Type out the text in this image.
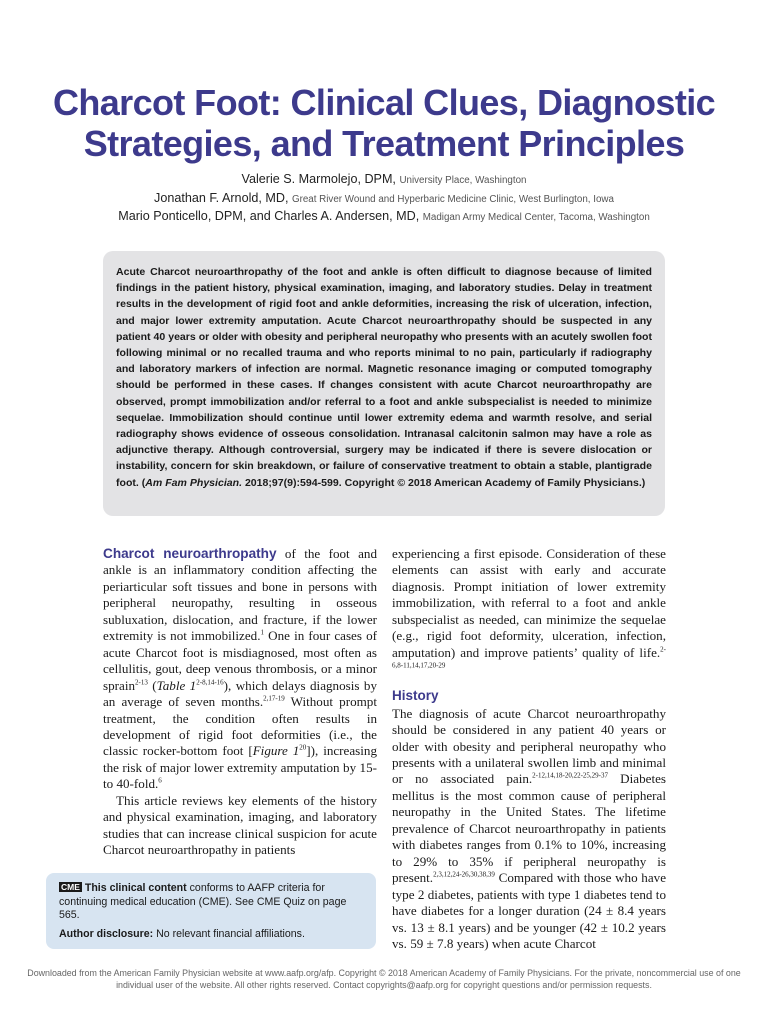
Charcot Foot: Clinical Clues, Diagnostic
Strategies, and Treatment Principles
Valerie S. Marmolejo, DPM, University Place, Washington
Jonathan F. Arnold, MD, Great River Wound and Hyperbaric Medicine Clinic, West Burlington, Iowa
Mario Ponticello, DPM, and Charles A. Andersen, MD, Madigan Army Medical Center, Tacoma, Washington

Acute Charcot neuroarthropathy of the foot and ankle is often difficult to diagnose because of limited findings in the patient history, physical examination, imaging, and laboratory studies. Delay in treatment results in the development of rigid foot and ankle deformities, increasing the risk of ulceration, infection, and major lower extremity amputation. Acute Charcot neuroarthropathy should be suspected in any patient 40 years or older with obesity and peripheral neuropathy who presents with an acutely swollen foot following minimal or no recalled trauma and who reports minimal to no pain, particularly if radiography and laboratory markers of infection are normal. Magnetic resonance imaging or computed tomography should be performed in these cases. If changes consistent with acute Charcot neuroarthropathy are observed, prompt immobilization and/or referral to a foot and ankle subspecialist is needed to minimize sequelae. Immobilization should continue until lower extremity edema and warmth resolve, and serial radiography shows evidence of osseous consolidation. Intranasal calcitonin salmon may have a role as adjunctive therapy. Although controversial, surgery may be indicated if there is severe dislocation or instability, concern for skin breakdown, or failure of conservative treatment to obtain a stable, plantigrade foot. (Am Fam Physician. 2018;97(9):594-599. Copyright © 2018 American Academy of Family Physicians.)

Charcot neuroarthropathy of the foot and ankle is an inflammatory condition affecting the periarticular soft tissues and bone in persons with peripheral neuropathy, resulting in osseous subluxation, dislocation, and fracture, if the lower extremity is not immobilized.$^1$ One in four cases of acute Charcot foot is misdiagnosed, most often as cellulitis, gout, deep venous thrombosis, or a minor sprain$^{2-13}$ (Table 1$^{2-8,14-16}$), which delays diagnosis by an average of seven months.$^{2,17-19}$ Without prompt treatment, the condition often results in development of rigid foot deformities (i.e., the classic rocker-bottom foot [Figure 1$^{20}$]), increasing the risk of major lower extremity amputation by 15- to 40-fold.$^6$

This article reviews key elements of the history and physical examination, imaging, and laboratory studies that can increase clinical suspicion for acute Charcot neuroarthropathy in patients

experiencing a first episode. Consideration of these elements can assist with early and accurate diagnosis. Prompt initiation of lower extremity immobilization, with referral to a foot and ankle subspecialist as needed, can minimize the sequelae (e.g., rigid foot deformity, ulceration, infection, amputation) and improve patients’ quality of life.$^{2-6,8-11,14,17,20-29}$

History

The diagnosis of acute Charcot neuroarthropathy should be considered in any patient 40 years or older with obesity and peripheral neuropathy who presents with a unilateral swollen limb and minimal or no associated pain.$^{2-12,14,18-20,22-25,29-37}$ Diabetes mellitus is the most common cause of peripheral neuropathy in the United States. The lifetime prevalence of Charcot neuroarthropathy in patients with diabetes ranges from 0.1% to 10%, increasing to 29% to 35% if peripheral neuropathy is present.$^{2,3,12,24-26,30,38,39}$ Compared with those who have type 2 diabetes, patients with type 1 diabetes tend to have diabetes for a longer duration (24 ± 8.4 years vs. 13 ± 8.1 years) and be younger (42 ± 10.2 years vs. 59 ± 7.8 years) when acute Charcot

CME This clinical content conforms to AAFP criteria for continuing medical education (CME). See CME Quiz on page 565.
Author disclosure: No relevant financial affiliations.
Downloaded from the American Family Physician website at www.aafp.org/afp. Copyright © 2018 American Academy of Family Physicians. For the private, noncommercial use of one individual user of the website. All other rights reserved. Contact copyrights@aafp.org for copyright questions and/or permission requests.
